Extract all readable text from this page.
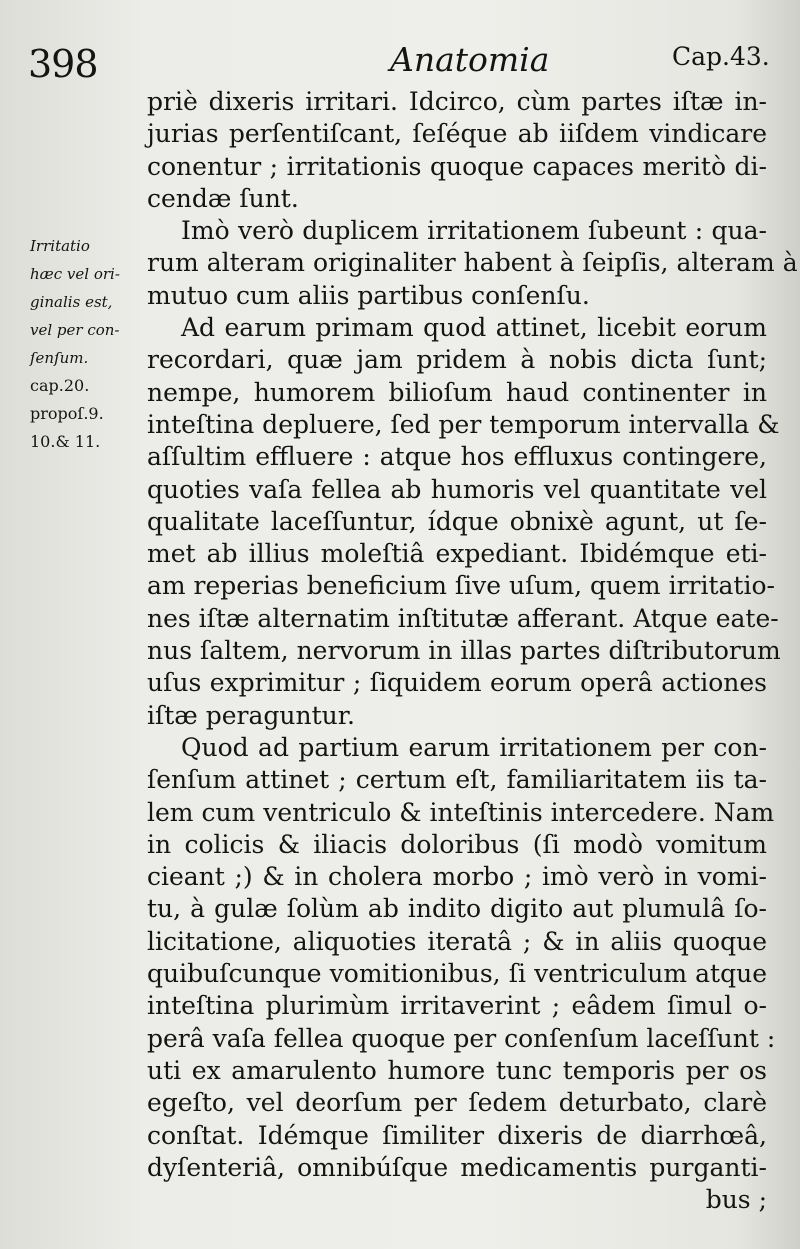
398	Anatomia	Cap.43.
Irritatio
hæc vel ori-
ginalis est,
vel per con-
ſenſum.
cap.20.
propoſ.9.
10.& 11.
priè dixeris irritari. Idcirco, cùm partes iſtæ in-
jurias perſentiſcant, ſeſéque ab iiſdem vindicare
conentur ; irritationis quoque capaces meritò di-
cendæ ſunt.
Imò verò duplicem irritationem ſubeunt : qua-
rum alteram originaliter habent à ſeipſis, alteram à
mutuo cum aliis partibus conſenſu.
Ad earum primam quod attinet, licebit eorum
recordari, quæ jam pridem à nobis dicta ſunt;
nempe, humorem bilioſum haud continenter in
inteſtina depluere, ſed per temporum intervalla &
aſſultim effluere : atque hos effluxus contingere,
quoties vaſa fellea ab humoris vel quantitate vel
qualitate laceſſuntur, ídque obnixè agunt, ut ſe-
met ab illius moleſtiâ expediant. Ibidémque eti-
am reperias beneficium ſive uſum, quem irritatio-
nes iſtæ alternatim inſtitutæ afferant. Atque eate-
nus ſaltem, nervorum in illas partes diſtributorum
uſus exprimitur ; ſiquidem eorum operâ actiones
iſtæ peraguntur.
Quod ad partium earum irritationem per con-
ſenſum attinet ; certum eſt, familiaritatem iis ta-
lem cum ventriculo & inteſtinis intercedere. Nam
in colicis & iliacis doloribus (ſi modò vomitum
cieant ;) & in cholera morbo ; imò verò in vomi-
tu, à gulæ ſolùm ab indito digito aut plumulâ ſo-
licitatione, aliquoties iteratâ ; & in aliis quoque
quibuſcunque vomitionibus, ſi ventriculum atque
inteſtina plurimùm irritaverint ; eâdem ſimul o-
perâ vaſa fellea quoque per conſenſum laceſſunt :
uti ex amarulento humore tunc temporis per os
egeſto, vel deorſum per ſedem deturbato, clarè
conſtat. Idémque ſimiliter dixeris de diarrhœâ,
dyſenteriâ, omnibúſque medicamentis purganti-
bus ;
